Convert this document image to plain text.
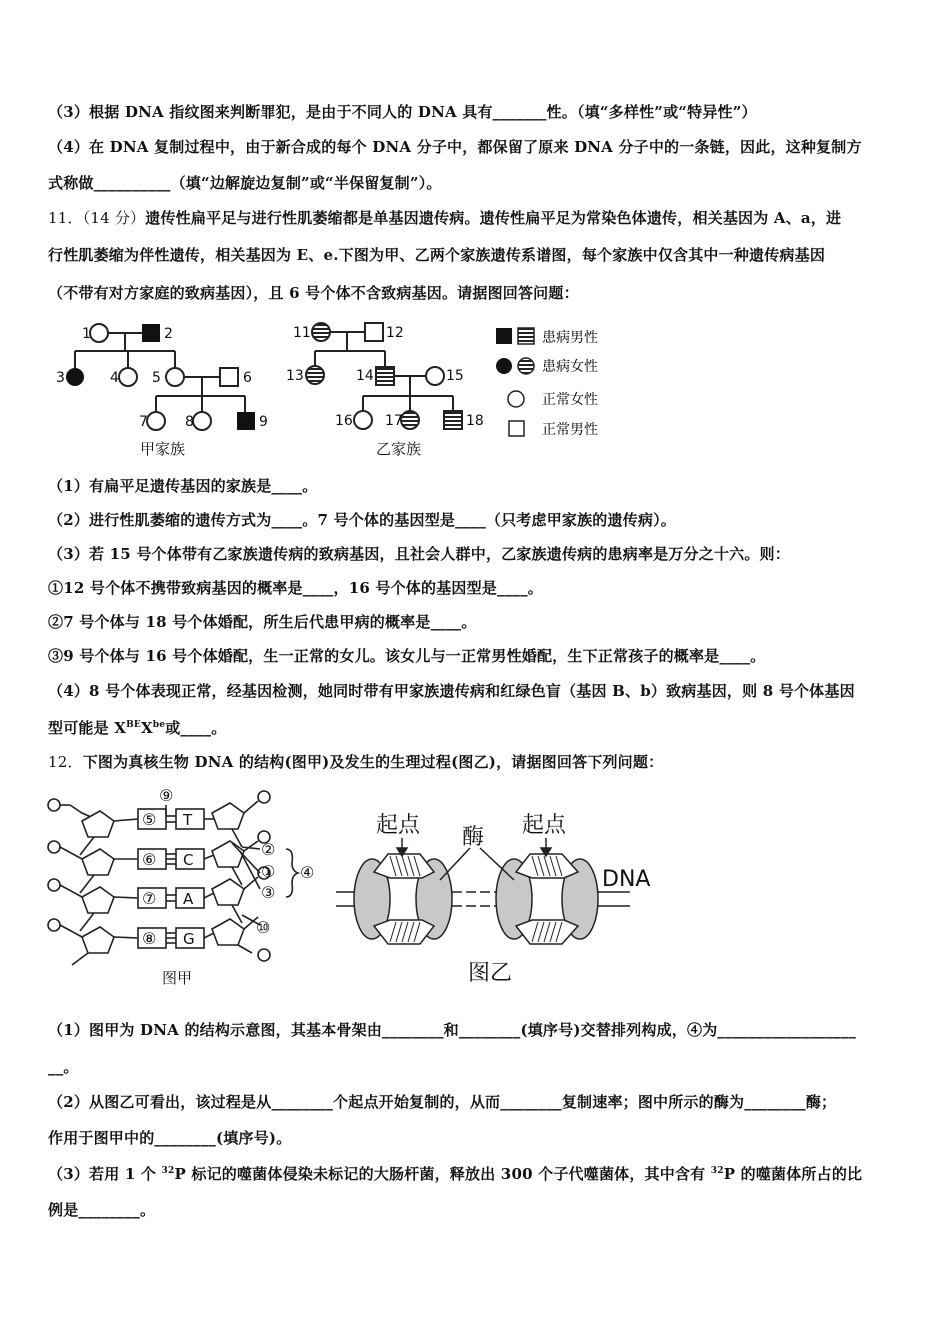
（3）根据 DNA 指纹图来判断罪犯，是由于不同人的 DNA 具有_______性。（填“多样性”或“特异性”）
（4）在 DNA 复制过程中，由于新合成的每个 DNA 分子中，都保留了原来 DNA 分子中的一条链，因此，这种复制方
式称做__________（填“边解旋边复制”或“半保留复制”）。
11．（14 分）遗传性扁平足与进行性肌萎缩都是单基因遗传病。遗传性扁平足为常染色体遗传，相关基因为 A、a，进
行性肌萎缩为伴性遗传，相关基因为 E、e.下图为甲、乙两个家族遗传系谱图，每个家族中仅含其中一种遗传病基因
（不带有对方家庭的致病基因），且 6 号个体不含致病基因。请据图回答问题：
1	2
3	4 5	6
7	8	9
11	12
13	14	15
16 17	18
甲家族	乙家族
患病男性
患病女性
正常女性
正常男性
（1）有扁平足遗传基因的家族是____。
（2）进行性肌萎缩的遗传方式为____。7 号个体的基因型是____（只考虑甲家族的遗传病）。
（3）若 15 号个体带有乙家族遗传病的致病基因，且社会人群中，乙家族遗传病的患病率是万分之十六。则：
①12 号个体不携带致病基因的概率是____，16 号个体的基因型是____。
②7 号个体与 18 号个体婚配，所生后代患甲病的概率是____。
③9 号个体与 16 号个体婚配，生一正常的女儿。该女儿与一正常男性婚配，生下正常孩子的概率是____。
（4）8 号个体表现正常，经基因检测，她同时带有甲家族遗传病和红绿色盲（基因 B、b）致病基因，则 8 号个体基因
型可能是 $X^{BE}X^{be}$或____。
12．下图为真核生物 DNA 的结构(图甲)及发生的生理过程(图乙)，请据图回答下列问题：
⑨
⑤
⑥
⑦
⑧
T
C
A
G
②
①
③
④
⑩
图甲
起点 酶 起点
DNA
图乙
（1）图甲为 DNA 的结构示意图，其基本骨架由________和________(填序号)交替排列构成，④为__________________
__。
（2）从图乙可看出，该过程是从________个起点开始复制的，从而________复制速率；图中所示的酶为________酶；
作用于图甲中的________(填序号)。
（3）若用 1 个 $^{32}$P 标记的噬菌体侵染未标记的大肠杆菌，释放出 300 个子代噬菌体，其中含有 $^{32}$P 的噬菌体所占的比
例是________。
